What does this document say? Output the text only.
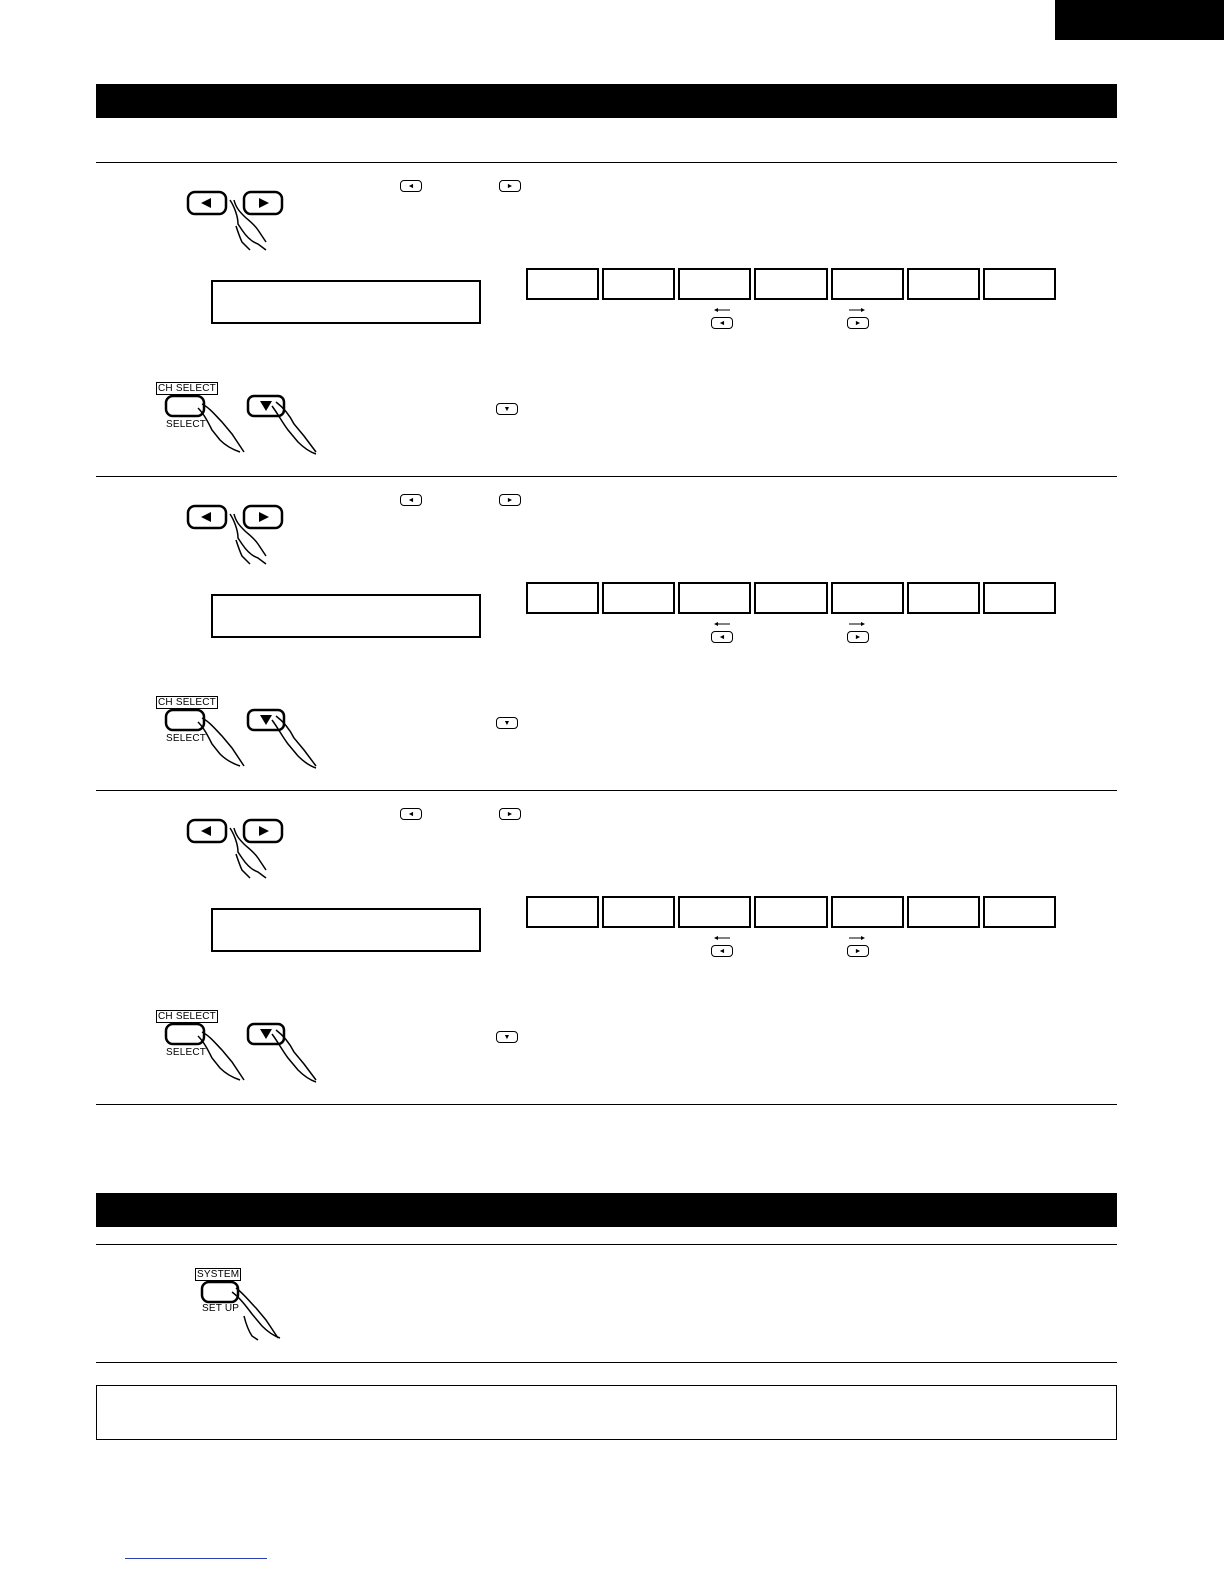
◄	►
◄	►
CH SELECT
SELECT
▼
◄	►
◄	►
CH SELECT
SELECT
▼
◄	►
◄	►
CH SELECT
SELECT
▼
SYSTEM
SET UP
